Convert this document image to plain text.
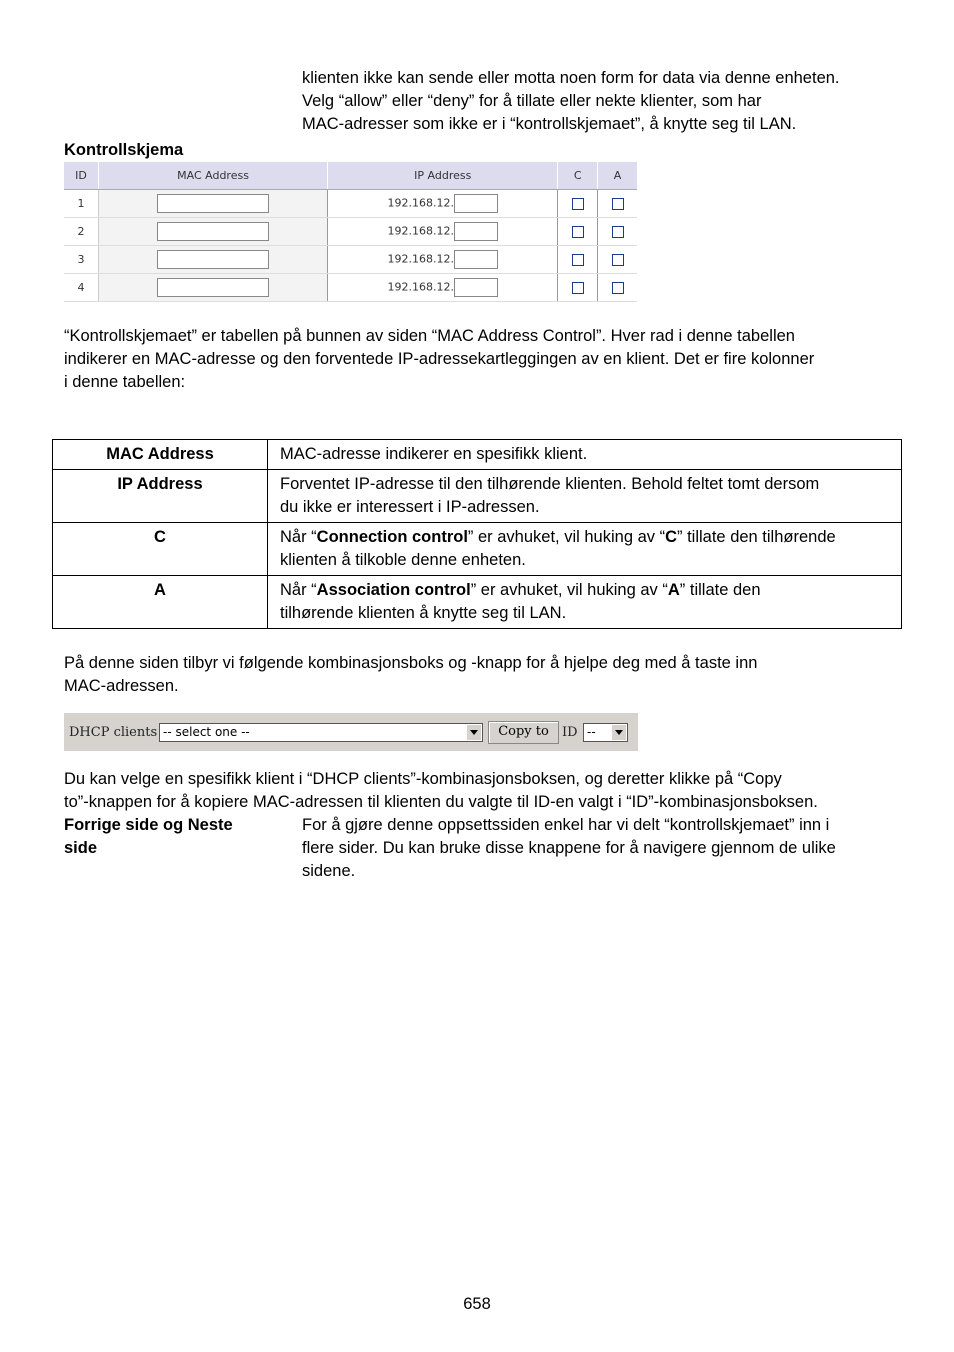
klienten ikke kan sende eller motta noen form for data via denne enheten.
Velg “allow” eller “deny” for å tillate eller nekte klienter, som har
MAC-adresser som ikke er i “kontrollskjemaet”, å knytte seg til LAN.
Kontrollskjema
ID	MAC Address	IP Address	C	A
1		192.168.12.		
2		192.168.12.		
3		192.168.12.		
4		192.168.12.		
“Kontrollskjemaet” er tabellen på bunnen av siden “MAC Address Control”. Hver rad i denne tabellen
indikerer en MAC-adresse og den forventede IP-adressekartleggingen av en klient. Det er fire kolonner
i denne tabellen:
MAC Address	MAC-adresse indikerer en spesifikk klient.

IP Address	Forventet IP-adresse til den tilhørende klienten. Behold feltet tomt dersom
du ikke er interessert i IP-adressen.

C	Når “Connection control” er avhuket, vil huking av “C” tillate den tilhørende
klienten å tilkoble denne enheten.

A	Når “Association control” er avhuket, vil huking av “A” tillate den
tilhørende klienten å knytte seg til LAN.
På denne siden tilbyr vi følgende kombinasjonsboks og -knapp for å hjelpe deg med å taste inn
MAC-adressen.
DHCP clients -- select one --	Copy to	ID --
Du kan velge en spesifikk klient i “DHCP clients”-kombinasjonsboksen, og deretter klikke på “Copy
to”-knappen for å kopiere MAC-adressen til klienten du valgte til ID-en valgt i “ID”-kombinasjonsboksen.
Forrige side og Neste
side
For å gjøre denne oppsettssiden enkel har vi delt “kontrollskjemaet” inn i
flere sider. Du kan bruke disse knappene for å navigere gjennom de ulike
sidene.
658
